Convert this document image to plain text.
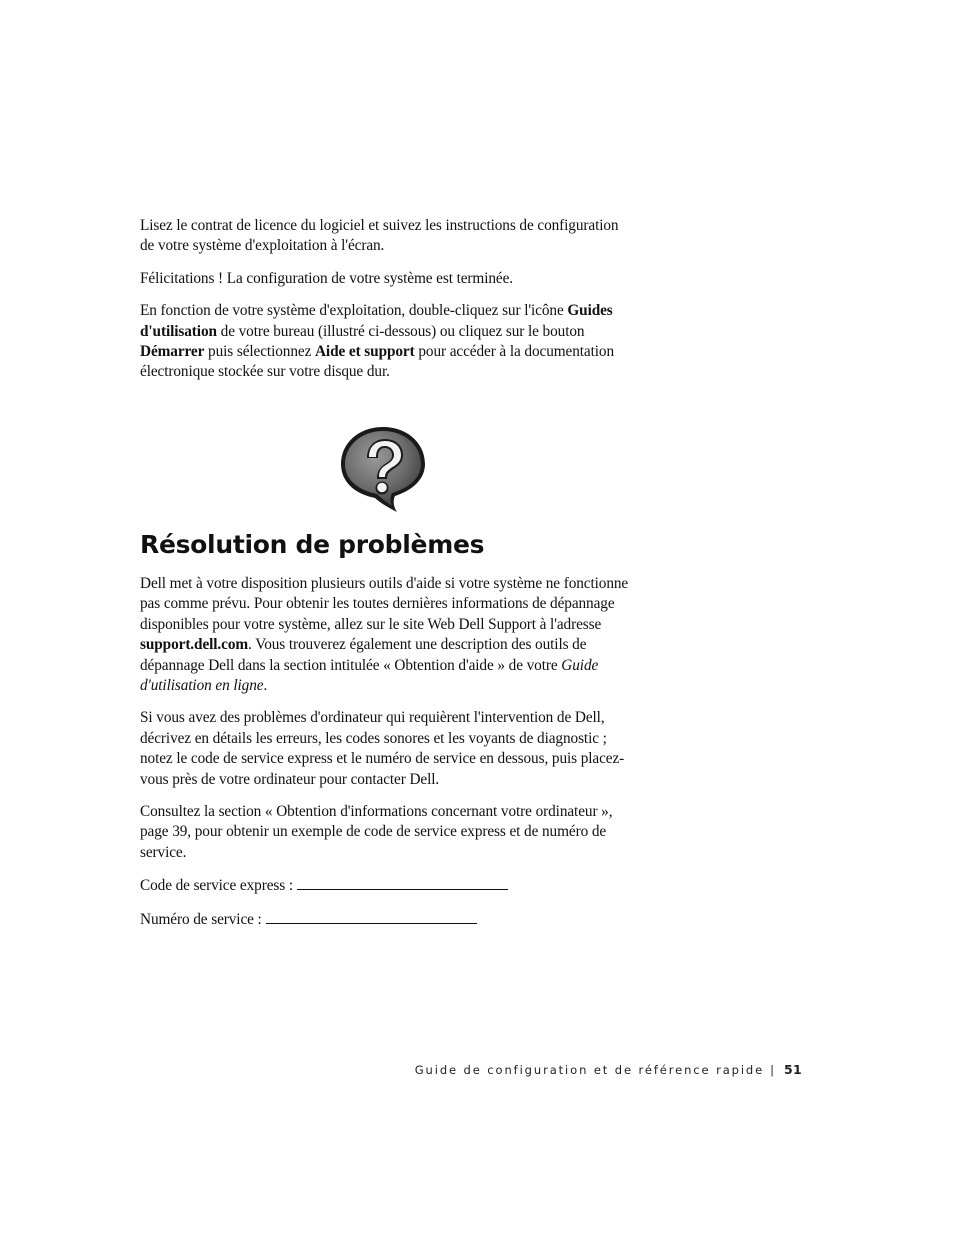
Lisez le contrat de licence du logiciel et suivez les instructions de configuration de votre système d'exploitation à l'écran.

Félicitations ! La configuration de votre système est terminée.

En fonction de votre système d'exploitation, double-cliquez sur l'icône Guides d'utilisation de votre bureau (illustré ci-dessous) ou cliquez sur le bouton Démarrer puis sélectionnez Aide et support pour accéder à la documentation électronique stockée sur votre disque dur.

Résolution de problèmes

Dell met à votre disposition plusieurs outils d'aide si votre système ne fonctionne pas comme prévu. Pour obtenir les toutes dernières informations de dépannage disponibles pour votre système, allez sur le site Web Dell Support à l'adresse support.dell.com. Vous trouverez également une description des outils de dépannage Dell dans la section intitulée « Obtention d'aide » de votre Guide d'utilisation en ligne.

Si vous avez des problèmes d'ordinateur qui requièrent l'intervention de Dell, décrivez en détails les erreurs, les codes sonores et les voyants de diagnostic ; notez le code de service express et le numéro de service en dessous, puis placez-vous près de votre ordinateur pour contacter Dell.

Consultez la section « Obtention d'informations concernant votre ordinateur », page 39, pour obtenir un exemple de code de service express et de numéro de service.

Code de service express :

Numéro de service :

Guide de configuration et de référence rapide | 51
